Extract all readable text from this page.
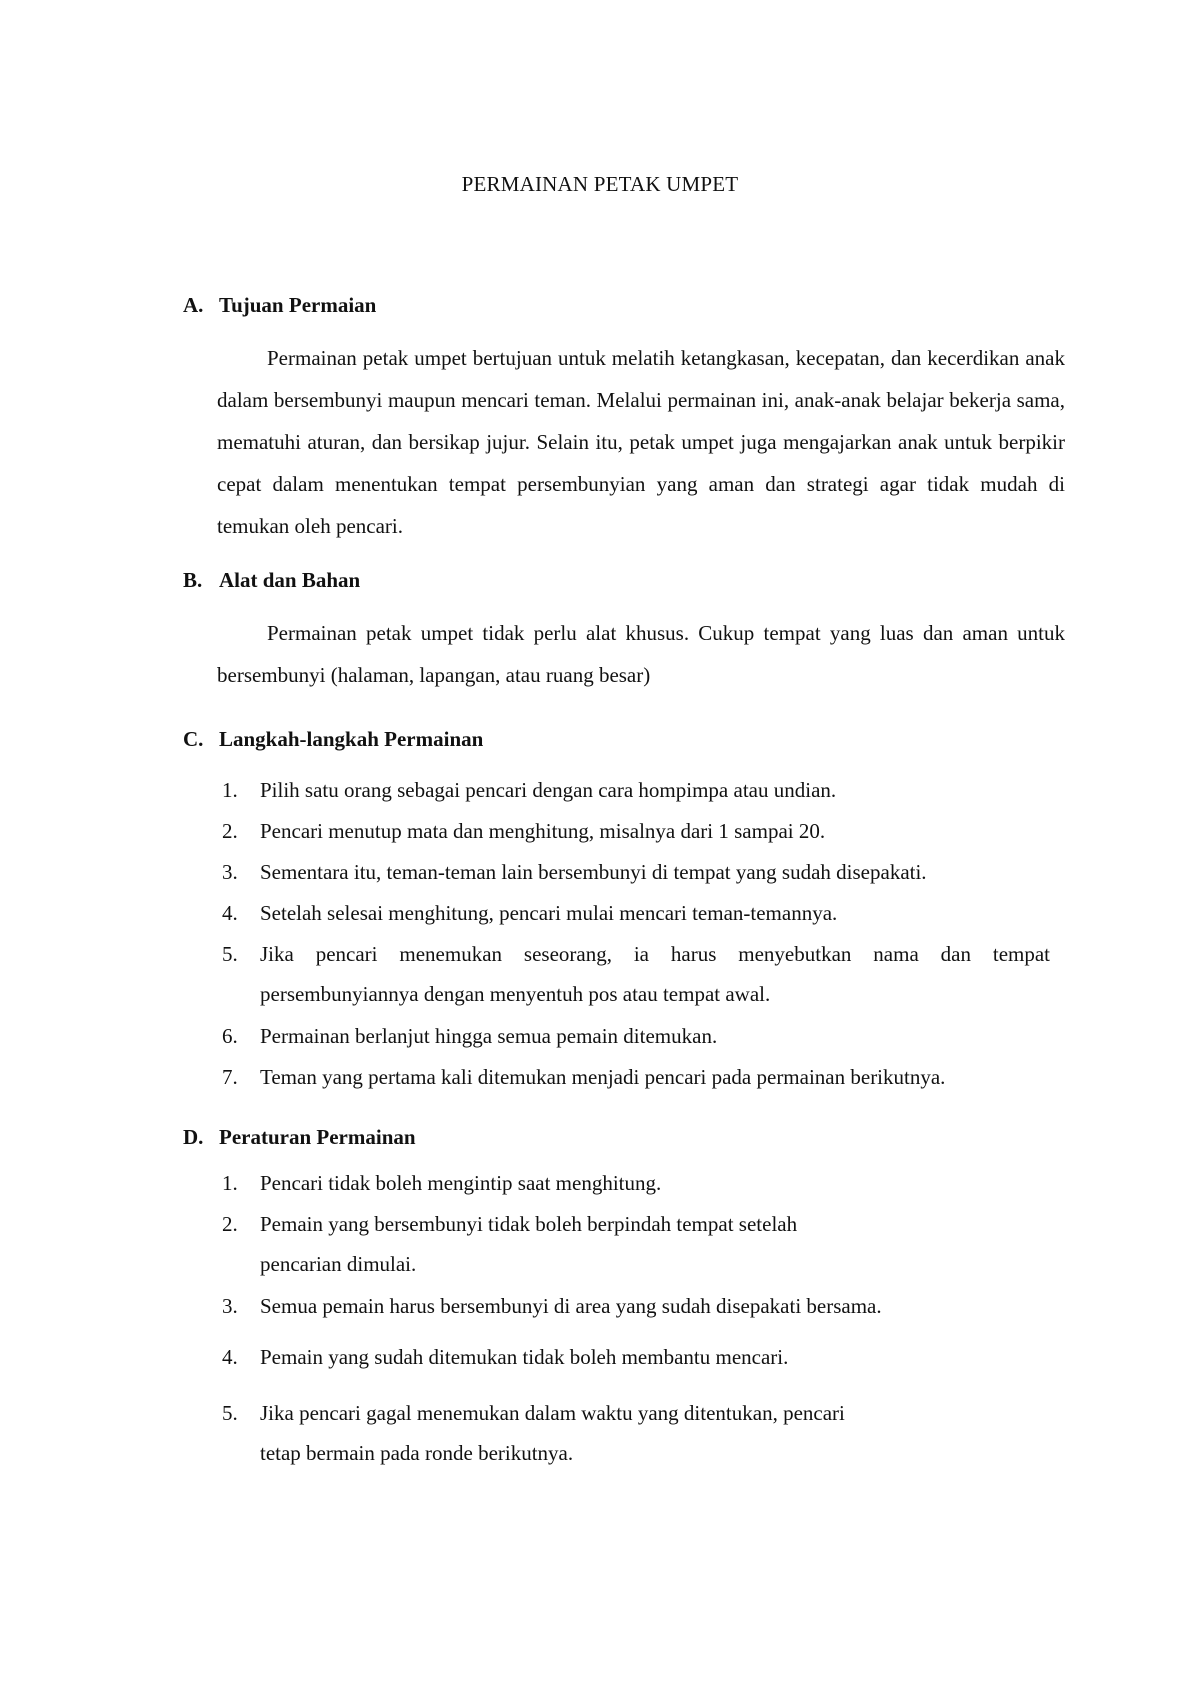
PERMAINAN PETAK UMPET
A. Tujuan Permaian

Permainan petak umpet bertujuan untuk melatih ketangkasan, kecepatan, dan kecerdikan anak dalam bersembunyi maupun mencari teman. Melalui permainan ini, anak-anak belajar bekerja sama, mematuhi aturan, dan bersikap jujur. Selain itu, petak umpet juga mengajarkan anak untuk berpikir cepat dalam menentukan tempat persembunyian yang aman dan strategi agar tidak mudah di temukan oleh pencari.

B. Alat dan Bahan

Permainan petak umpet tidak perlu alat khusus. Cukup tempat yang luas dan aman untuk bersembunyi (halaman, lapangan, atau ruang besar)

C. Langkah-langkah Permainan
1.	Pilih satu orang sebagai pencari dengan cara hompimpa atau undian.
2.	Pencari menutup mata dan menghitung, misalnya dari 1 sampai 20.
3.	Sementara itu, teman-teman lain bersembunyi di tempat yang sudah disepakati.
4.	Setelah selesai menghitung, pencari mulai mencari teman-temannya.
5.	Jika pencari menemukan seseorang, ia harus menyebutkan nama dan tempat persembunyiannya dengan menyentuh pos atau tempat awal.
6.	Permainan berlanjut hingga semua pemain ditemukan.
7.	Teman yang pertama kali ditemukan menjadi pencari pada permainan berikutnya.
D. Peraturan Permainan
1.	Pencari tidak boleh mengintip saat menghitung.
2.	Pemain yang bersembunyi tidak boleh berpindah tempat setelah
pencarian dimulai.
3.	Semua pemain harus bersembunyi di area yang sudah disepakati bersama.
4.	Pemain yang sudah ditemukan tidak boleh membantu mencari.
5.	Jika pencari gagal menemukan dalam waktu yang ditentukan, pencari
tetap bermain pada ronde berikutnya.
